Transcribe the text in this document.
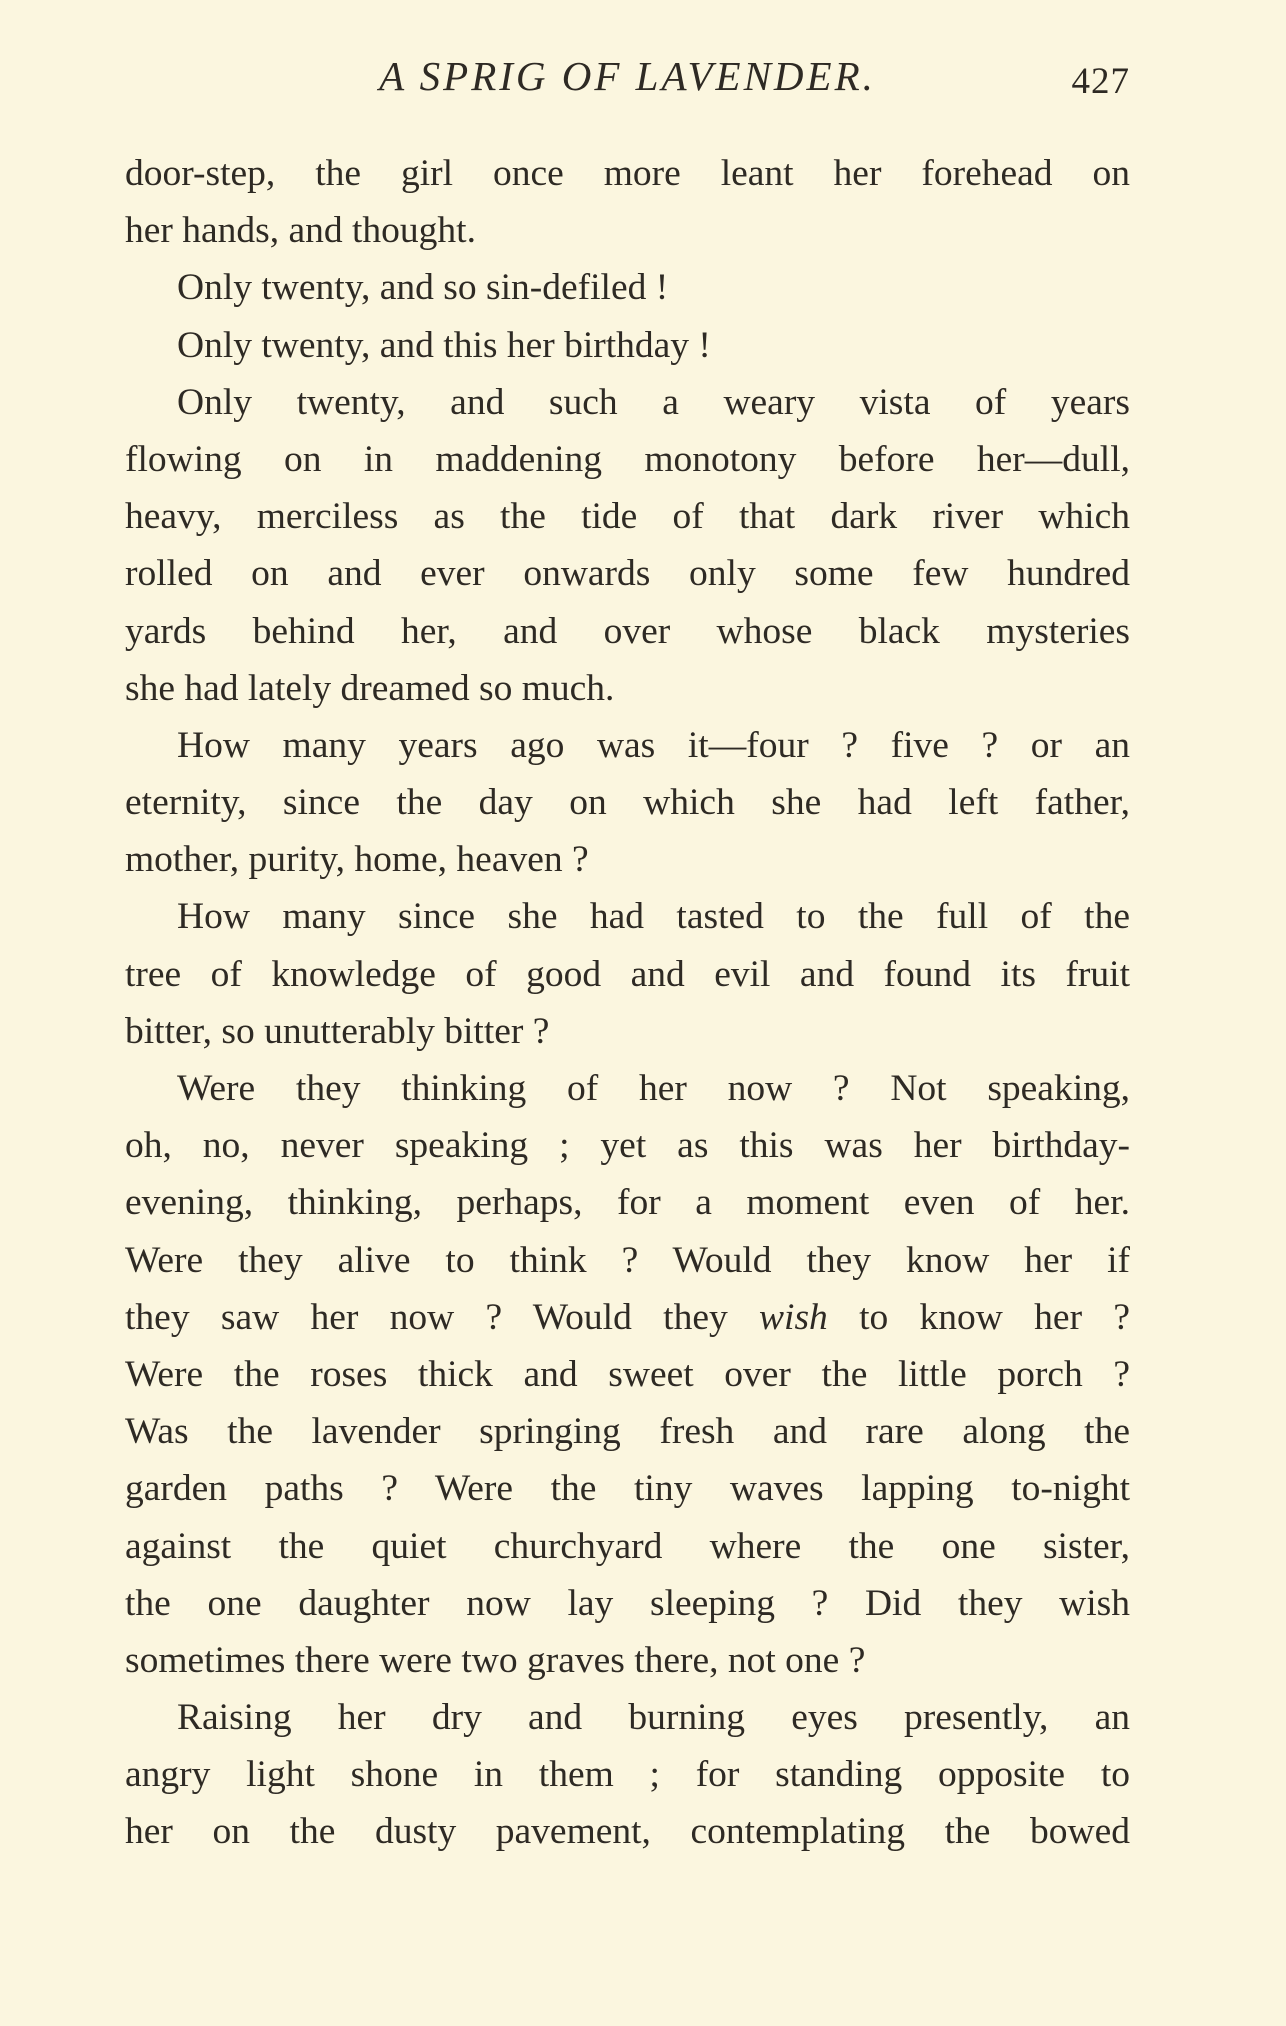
A SPRIG OF LAVENDER.	427
door-step, the girl once more leant her forehead on
her hands, and thought.
Only twenty, and so sin-defiled !
Only twenty, and this her birthday !
Only twenty, and such a weary vista of years
flowing on in maddening monotony before her—dull,
heavy, merciless as the tide of that dark river which
rolled on and ever onwards only some few hundred
yards behind her, and over whose black mysteries
she had lately dreamed so much.
How many years ago was it—four ? five ? or an
eternity, since the day on which she had left father,
mother, purity, home, heaven ?
How many since she had tasted to the full of the
tree of knowledge of good and evil and found its fruit
bitter, so unutterably bitter ?
Were they thinking of her now ? Not speaking,
oh, no, never speaking ; yet as this was her birthday-
evening, thinking, perhaps, for a moment even of her.
Were they alive to think ? Would they know her if
they saw her now ? Would they wish to know her ?
Were the roses thick and sweet over the little porch ?
Was the lavender springing fresh and rare along the
garden paths ? Were the tiny waves lapping to-night
against the quiet churchyard where the one sister,
the one daughter now lay sleeping ? Did they wish
sometimes there were two graves there, not one ?
Raising her dry and burning eyes presently, an
angry light shone in them ; for standing opposite to
her on the dusty pavement, contemplating the bowed
